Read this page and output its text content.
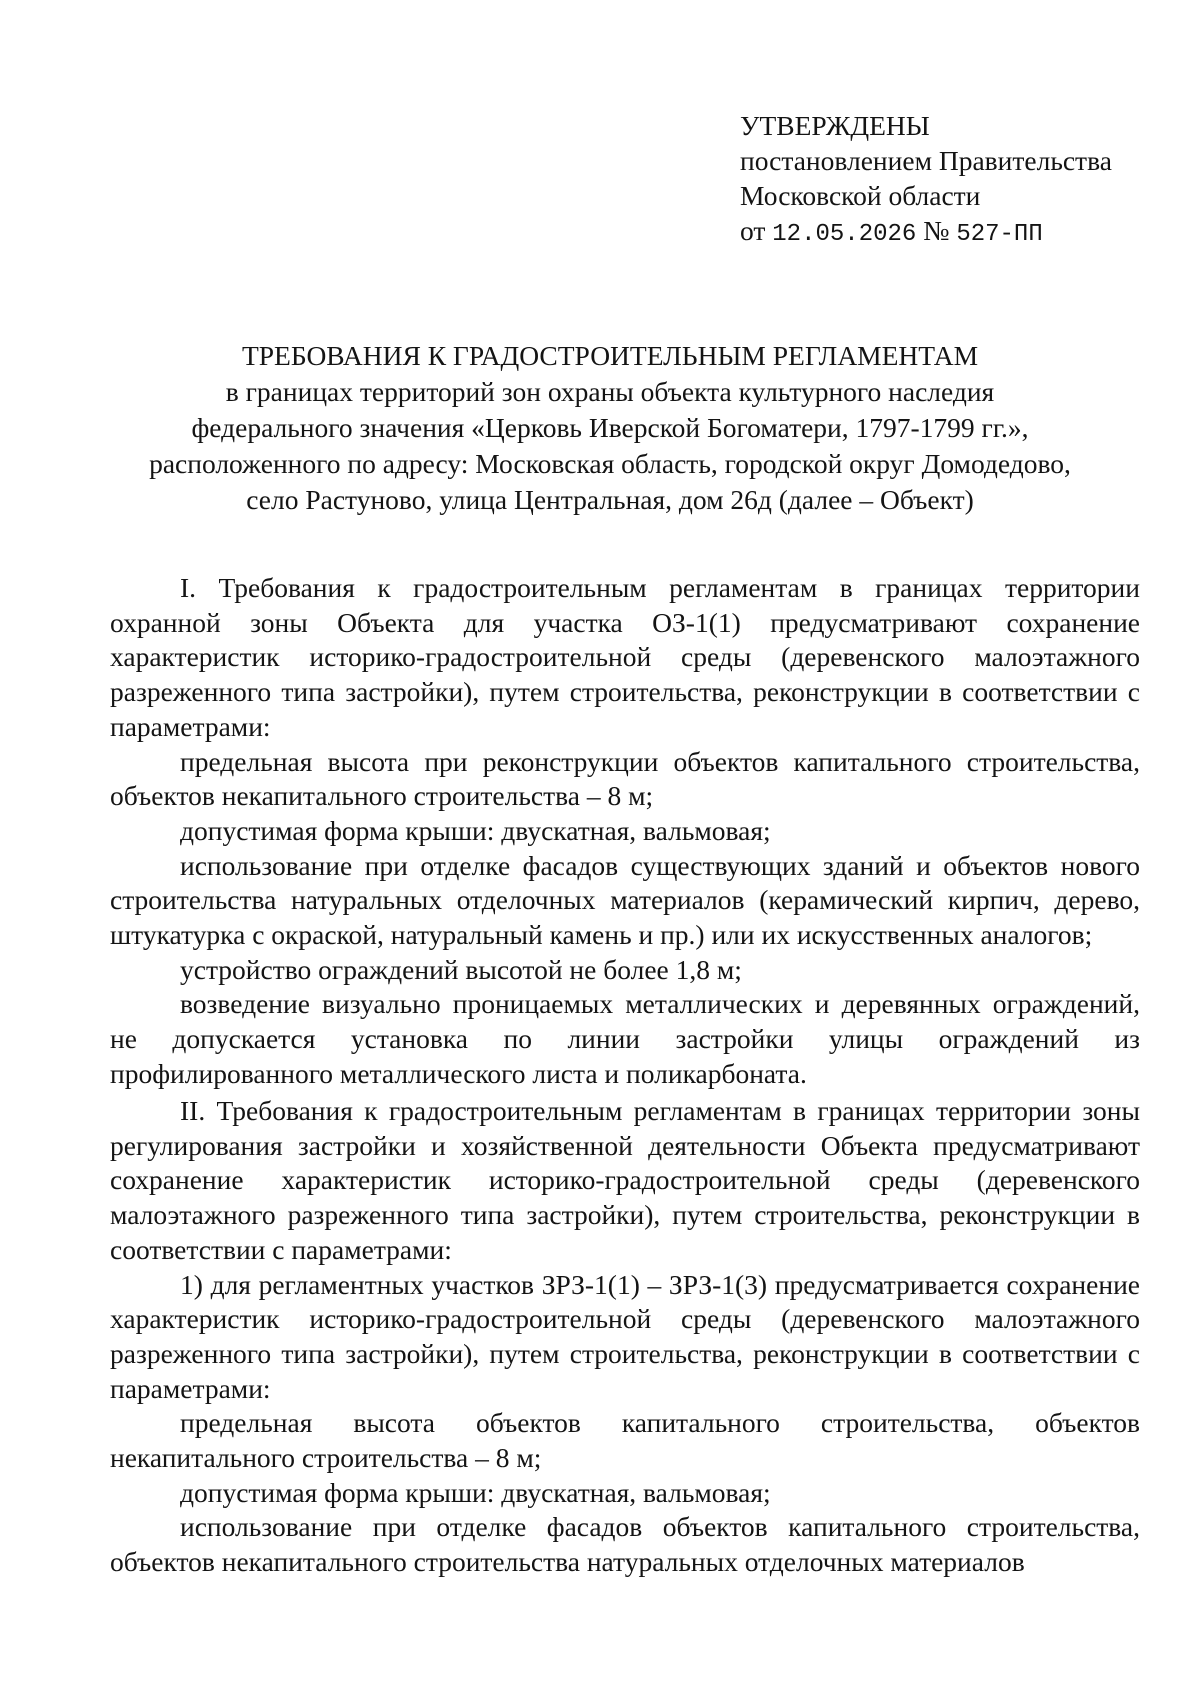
УТВЕРЖДЕНЫ
постановлением Правительства
Московской области
от 12.05.2026 № 527-ПП
ТРЕБОВАНИЯ К ГРАДОСТРОИТЕЛЬНЫМ РЕГЛАМЕНТАМ
в границах территорий зон охраны объекта культурного наследия
федерального значения «Церковь Иверской Богоматери, 1797-1799 гг.»,
расположенного по адресу: Московская область, городской округ Домодедово,
село Растуново, улица Центральная, дом 26д (далее – Объект)

I. Требования к градостроительным регламентам в границах территории охранной зоны Объекта для участка ОЗ-1(1) предусматривают сохранение характеристик историко-градостроительной среды (деревенского малоэтажного разреженного типа застройки), путем строительства, реконструкции в соответствии с параметрами:

предельная высота при реконструкции объектов капитального строительства, объектов некапитального строительства – 8 м;

допустимая форма крыши: двускатная, вальмовая;

использование при отделке фасадов существующих зданий и объектов нового строительства натуральных отделочных материалов (керамический кирпич, дерево, штукатурка с окраской, натуральный камень и пр.) или их искусственных аналогов;

устройство ограждений высотой не более 1,8 м;

возведение визуально проницаемых металлических и деревянных ограждений, не допускается установка по линии застройки улицы ограждений из профилированного металлического листа и поликарбоната.

II. Требования к градостроительным регламентам в границах территории зоны регулирования застройки и хозяйственной деятельности Объекта предусматривают сохранение характеристик историко-градостроительной среды (деревенского малоэтажного разреженного типа застройки), путем строительства, реконструкции в соответствии с параметрами:

1) для регламентных участков ЗРЗ-1(1) – ЗРЗ-1(3) предусматривается сохранение характеристик историко-градостроительной среды (деревенского малоэтажного разреженного типа застройки), путем строительства, реконструкции в соответствии с параметрами:

предельная высота объектов капитального строительства, объектов некапитального строительства – 8 м;

допустимая форма крыши: двускатная, вальмовая;

использование при отделке фасадов объектов капитального строительства, объектов некапитального строительства натуральных отделочных материалов
